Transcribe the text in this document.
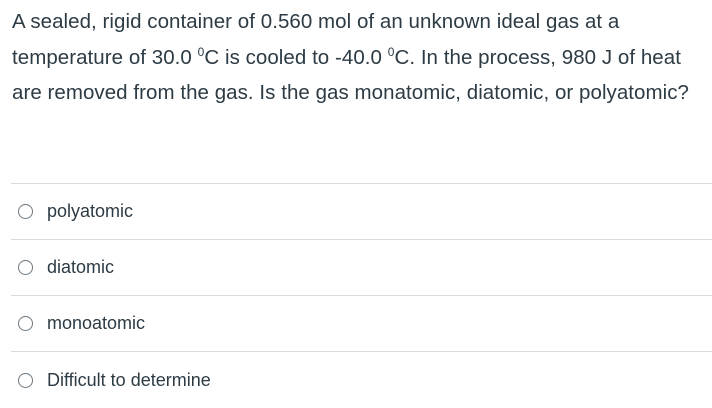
A sealed, rigid container of 0.560 mol of an unknown ideal gas at a temperature of 30.0 $^0$C is cooled to -40.0 $^0$C. In the process, 980 J of heat are removed from the gas. Is the gas monatomic, diatomic, or polyatomic?
polyatomic
diatomic
monoatomic
Difficult to determine
